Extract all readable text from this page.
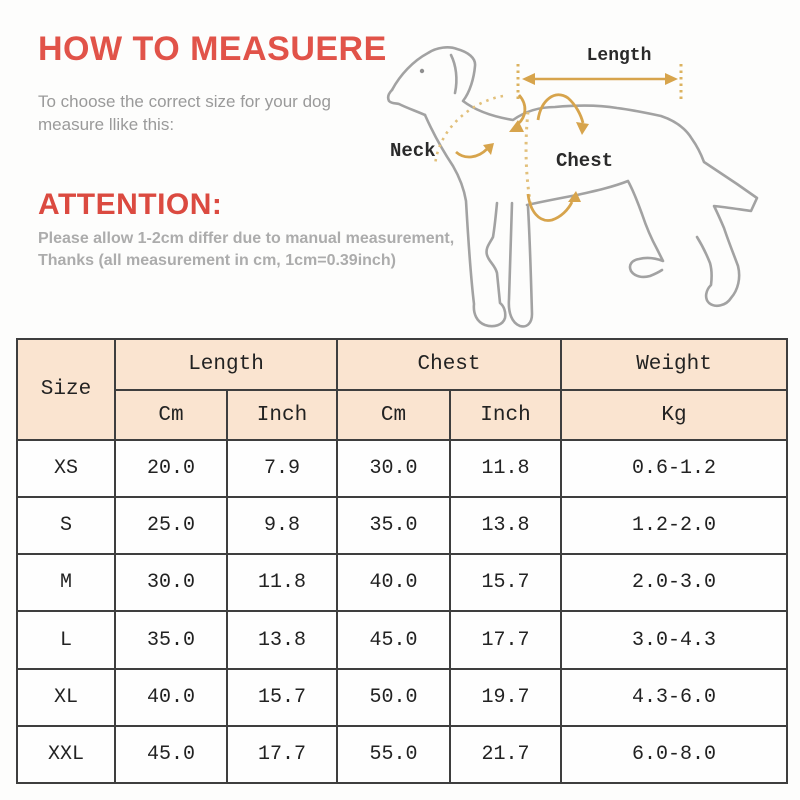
HOW TO MEASUERE
To choose the correct size for your dog
measure llike this:
ATTENTION:
Please allow 1-2cm differ due to manual measurement,
Thanks (all measurement in cm, 1cm=0.39inch)
Length
Neck	Chest
Size	Length		Chest		Weight
	Cm	Inch	Cm	Inch	Kg
XS	20.0	7.9	30.0	11.8	0.6-1.2
S	25.0	9.8	35.0	13.8	1.2-2.0
M	30.0	11.8	40.0	15.7	2.0-3.0
L	35.0	13.8	45.0	17.7	3.0-4.3
XL	40.0	15.7	50.0	19.7	4.3-6.0
XXL	45.0	17.7	55.0	21.7	6.0-8.0
